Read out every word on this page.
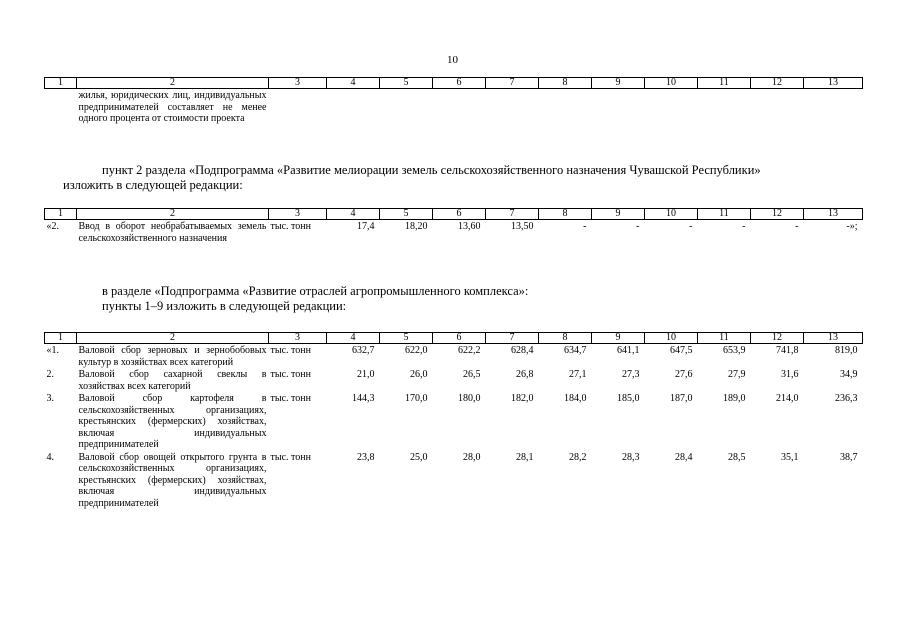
10
1	2	3	4	5	6	7	8	9	10	11	12	13
	жилья, юридических лиц, индивидуальных предпринимателей составляет не менее одного процента от стоимости проекта											
пункт 2 раздела «Подпрограмма «Развитие мелиорации земель сельскохозяйственного назначения Чувашской Республики»
изложить в следующей редакции:
1	2	3	4	5	6	7	8	9	10	11	12	13
«2.	Ввод в оборот необрабатываемых земель сельскохозяйственного назначения	тыс. тонн	17,4	18,20	13,60	13,50	-	-	-	-	-	-»;
в разделе «Подпрограмма «Развитие отраслей агропромышленного комплекса»:
пункты 1–9 изложить в следующей редакции:
1	2	3	4	5	6	7	8	9	10	11	12	13
«1.	Валовой сбор зерновых и зернобобовых культур в хозяйствах всех категорий	тыс. тонн	632,7	622,0	622,2	628,4	634,7	641,1	647,5	653,9	741,8	819,0
2.	Валовой сбор сахарной свеклы в хозяйствах всех категорий	тыс. тонн	21,0	26,0	26,5	26,8	27,1	27,3	27,6	27,9	31,6	34,9
3.	Валовой сбор картофеля в сельскохозяйственных организациях, крестьянских (фермерских) хозяйствах, включая индивидуальных предпринимателей	тыс. тонн	144,3	170,0	180,0	182,0	184,0	185,0	187,0	189,0	214,0	236,3
4.	Валовой сбор овощей открытого грунта в сельскохозяйственных организациях, крестьянских (фермерских) хозяйствах, включая индивидуальных предпринимателей	тыс. тонн	23,8	25,0	28,0	28,1	28,2	28,3	28,4	28,5	35,1	38,7
